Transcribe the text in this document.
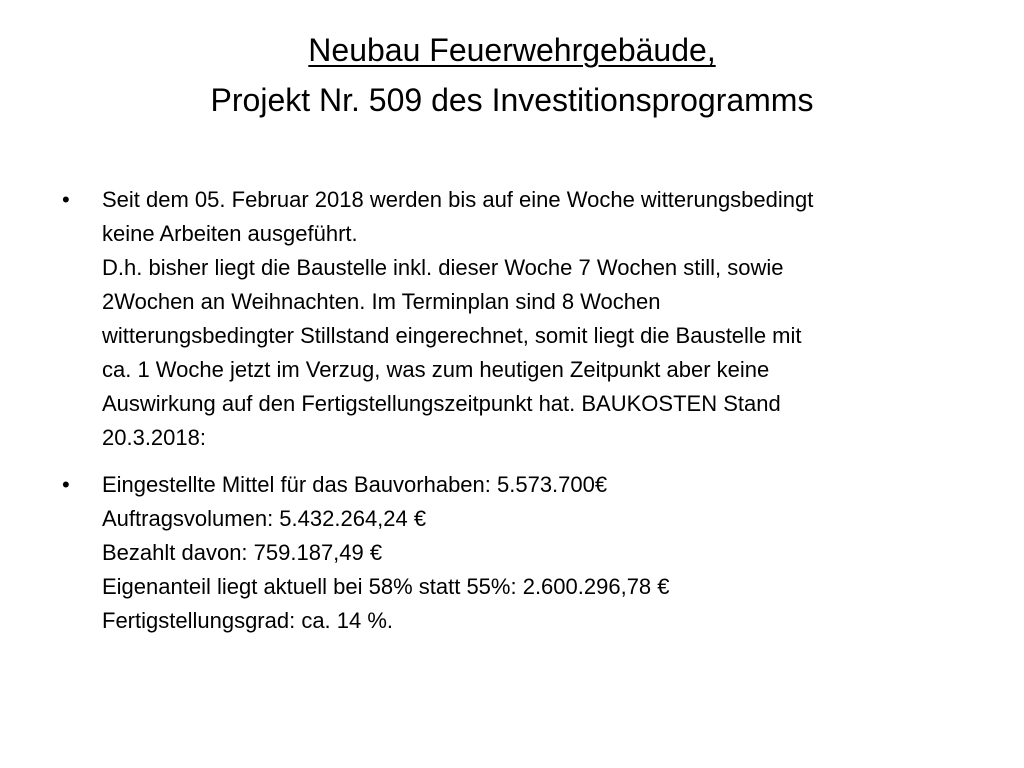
Neubau Feuerwehrgebäude,
Projekt Nr. 509 des Investitionsprogramms
• Seit dem 05. Februar 2018 werden bis auf eine Woche witterungsbedingt
keine Arbeiten ausgeführt.
D.h. bisher liegt die Baustelle inkl. dieser Woche 7 Wochen still, sowie
2Wochen an Weihnachten. Im Terminplan sind 8 Wochen
witterungsbedingter Stillstand eingerechnet, somit liegt die Baustelle mit
ca. 1 Woche jetzt im Verzug, was zum heutigen Zeitpunkt aber keine
Auswirkung auf den Fertigstellungszeitpunkt hat. BAUKOSTEN Stand
20.3.2018:
• Eingestellte Mittel für das Bauvorhaben: 5.573.700€
Auftragsvolumen: 5.432.264,24 €
Bezahlt davon: 759.187,49 €
Eigenanteil liegt aktuell bei 58% statt 55%: 2.600.296,78 €
Fertigstellungsgrad: ca. 14 %.
